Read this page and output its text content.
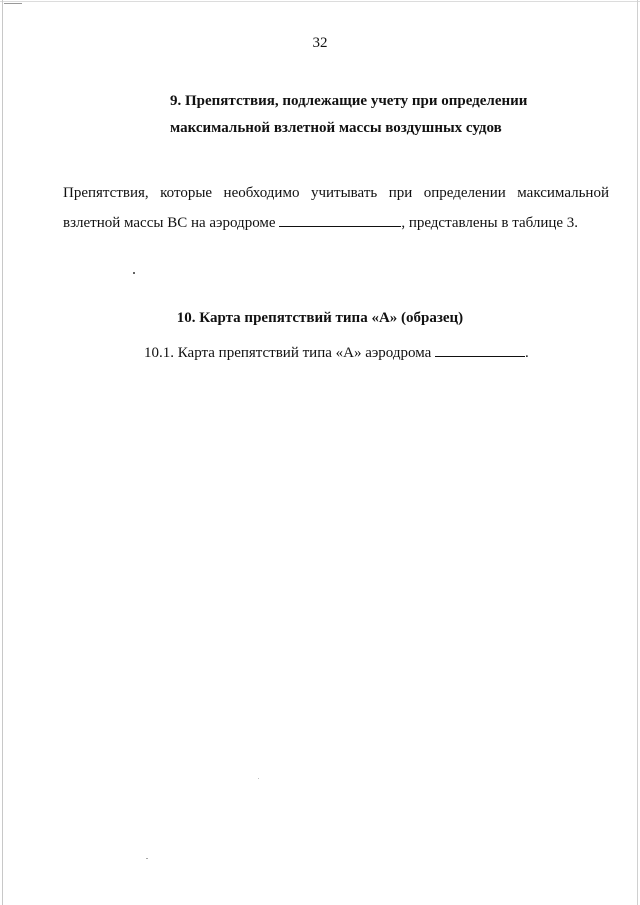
32
9. Препятствия, подлежащие учету при определении
максимальной взлетной массы воздушных судов
Препятствия, которые необходимо учитывать при определении максимальной
взлетной массы ВС на аэродроме	, представлены в таблице 3.
10. Карта препятствий типа «А» (образец)
10.1. Карта препятствий типа «А» аэродрома	.
